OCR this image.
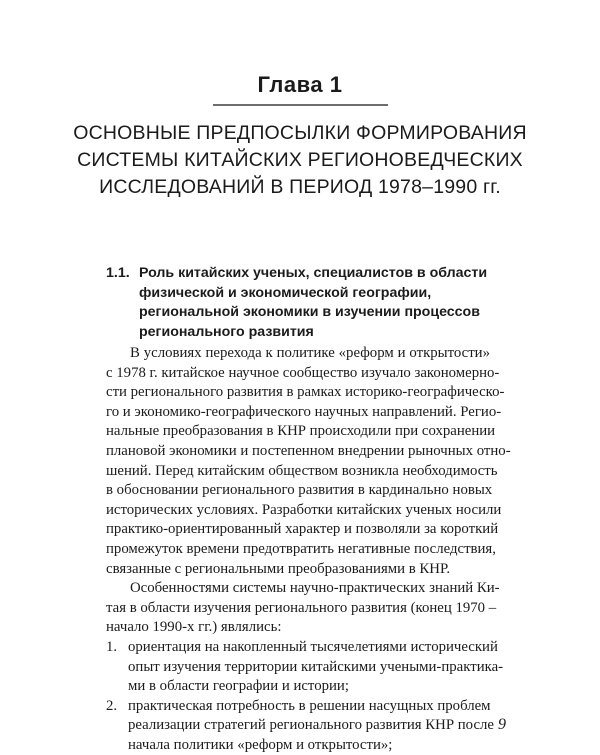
Глава 1
ОСНОВНЫЕ ПРЕДПОСЫЛКИ ФОРМИРОВАНИЯ
СИСТЕМЫ КИТАЙСКИХ РЕГИОНОВЕДЧЕСКИХ
ИССЛЕДОВАНИЙ В ПЕРИОД 1978–1990 гг.
1.1. Роль китайских ученых, специалистов в области
физической и экономической географии,
региональной экономики в изучении процессов
регионального развития
В условиях перехода к политике «реформ и открытости»
с 1978 г. китайское научное сообщество изучало закономерно-
сти регионального развития в рамках историко-географическо-
го и экономико-географического научных направлений. Регио-
нальные преобразования в КНР происходили при сохранении
плановой экономики и постепенном внедрении рыночных отно-
шений. Перед китайским обществом возникла необходимость
в обосновании регионального развития в кардинально новых
исторических условиях. Разработки китайских ученых носили
практико-ориентированный характер и позволяли за короткий
промежуток времени предотвратить негативные последствия,
связанные с региональными преобразованиями в КНР.
Особенностями системы научно-практических знаний Ки-
тая в области изучения регионального развития (конец 1970 –
начало 1990-х гг.) являлись:
1. ориентация на накопленный тысячелетиями исторический
опыт изучения территории китайскими учеными-практика-
ми в области географии и истории;
2. практическая потребность в решении насущных проблем
реализации стратегий регионального развития КНР после
начала политики «реформ и открытости»;
9
